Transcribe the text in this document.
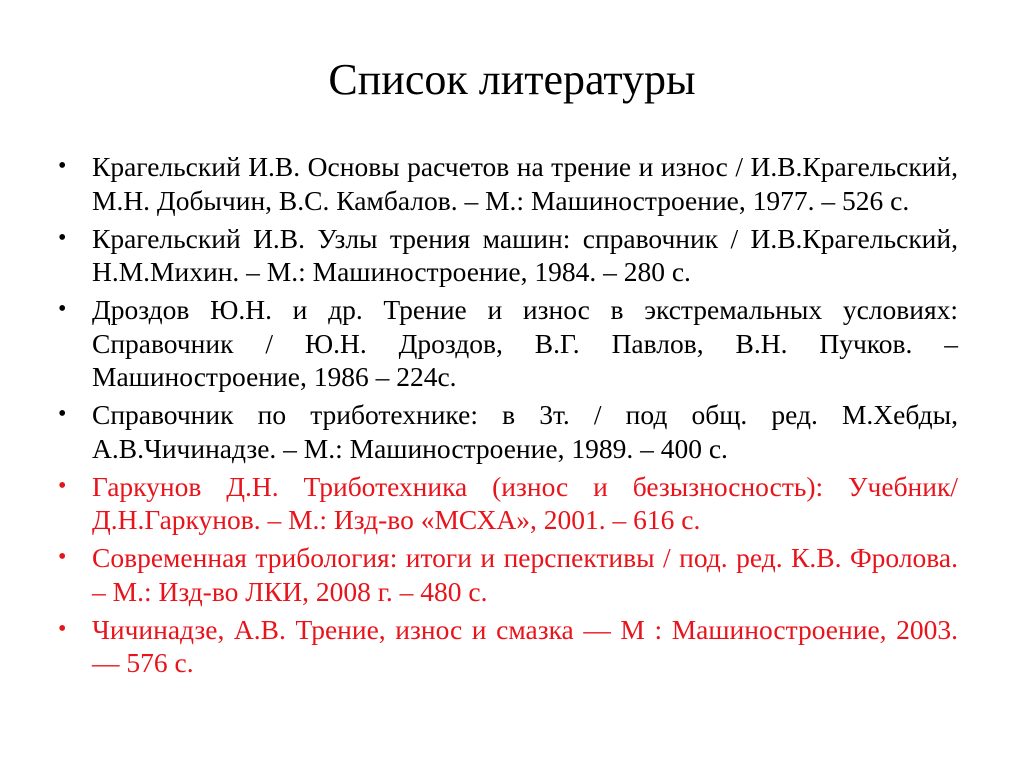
Список литературы
• Крагельский И.В. Основы расчетов на трение и износ / И.В.Крагельский, М.Н. Добычин, В.С. Камбалов. – М.: Машиностроение, 1977. – 526 с.
• Крагельский И.В. Узлы трения машин: справочник / И.В.Крагельский, Н.М.Михин. – М.: Машиностроение, 1984. – 280 с.
• Дроздов Ю.Н. и др. Трение и износ в экстремальных условиях: Справочник / Ю.Н. Дроздов, В.Г. Павлов, В.Н. Пучков. – Машиностроение, 1986 – 224с.
• Справочник по триботехнике: в 3т. / под общ. ред. М.Хебды, А.В.Чичинадзе. – М.: Машиностроение, 1989. – 400 с.
• Гаркунов Д.Н. Триботехника (износ и безызносность): Учебник/ Д.Н.Гаркунов. – М.: Изд-во «МСХА», 2001. – 616 с.
• Современная трибология: итоги и перспективы / под. ред. К.В. Фролова. – М.: Изд-во ЛКИ, 2008 г. – 480 с.
• Чичинадзе, А.В. Трение, износ и смазка — М : Машиностроение, 2003. — 576 с.
